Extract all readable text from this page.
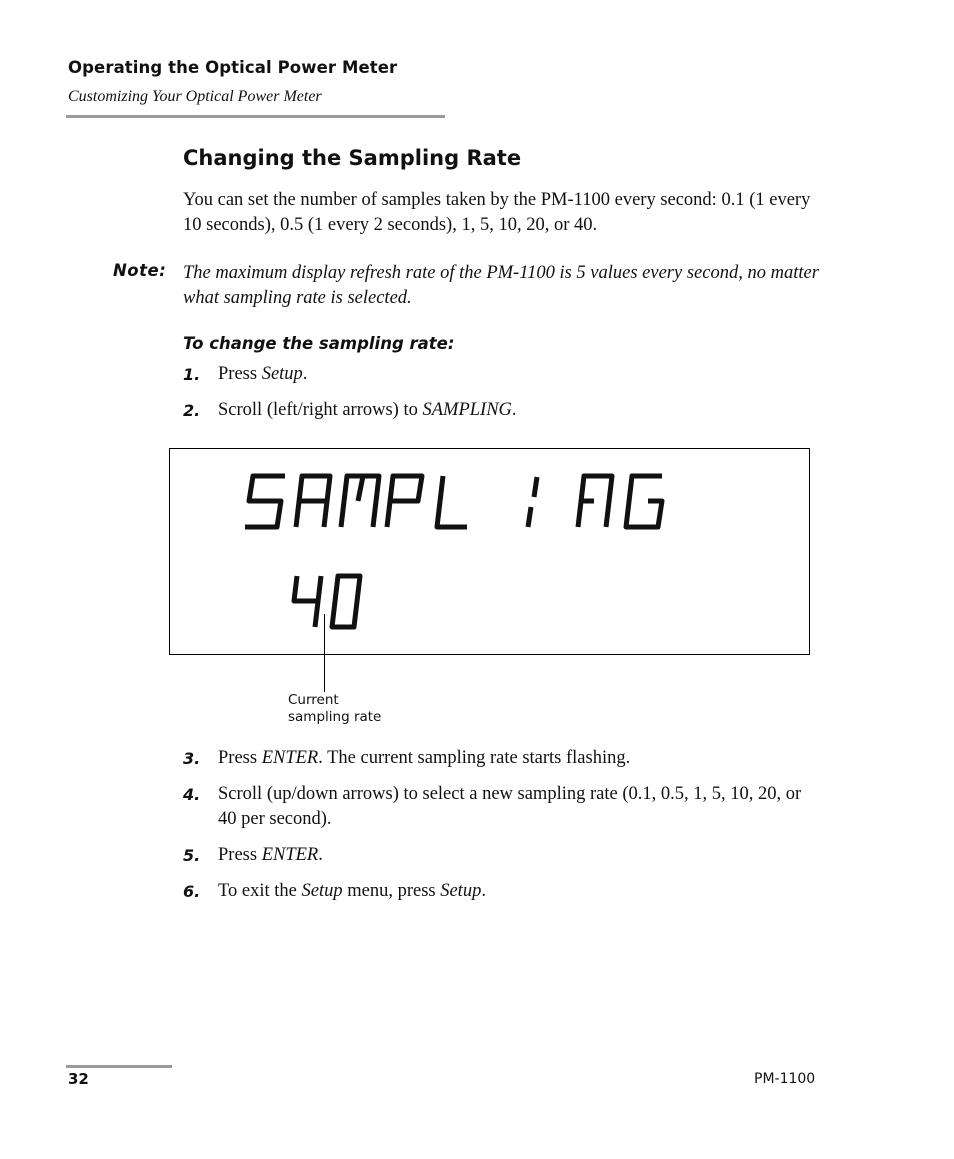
Operating the Optical Power Meter
Customizing Your Optical Power Meter
Changing the Sampling Rate
You can set the number of samples taken by the PM-1100 every second: 0.1 (1 every 10 seconds), 0.5 (1 every 2 seconds), 1, 5, 10, 20, or 40.
Note: The maximum display refresh rate of the PM-1100 is 5 values every second, no matter what sampling rate is selected.
To change the sampling rate:
1. Press Setup.
2. Scroll (left/right arrows) to SAMPLING.
Current
sampling rate
3. Press ENTER. The current sampling rate starts flashing.
4. Scroll (up/down arrows) to select a new sampling rate (0.1, 0.5, 1, 5, 10, 20, or 40 per second).
5. Press ENTER.
6. To exit the Setup menu, press Setup.
32	PM-1100
